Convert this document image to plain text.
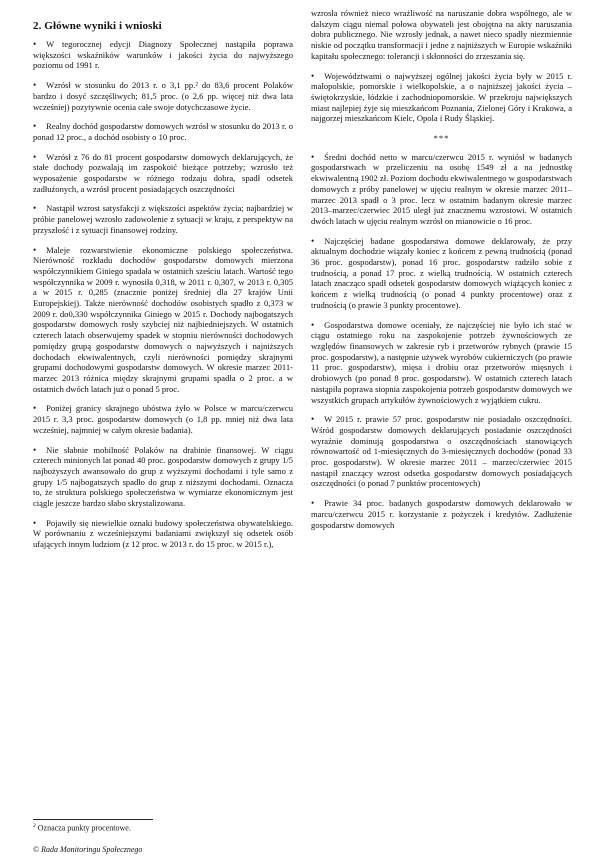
2. Główne wyniki i wnioski
• W tegorocznej edycji Diagnozy Społecznej nastąpiła poprawa większości wskaźników warunków i jakości życia do najwyższego poziomu od 1991 r.
• Wzrósł w stosunku do 2013 r. o 3,1 pp.² do 83,6 procent Polaków bardzo i dosyć szczęśliwych; 81,5 proc. (o 2,6 pp. więcej niż dwa lata wcześniej) pozytywnie ocenia całe swoje dotychczasowe życie.
• Realny dochód gospodarstw domowych wzrósł w stosunku do 2013 r. o ponad 12 proc., a dochód osobisty o 10 proc.
• Wzrósł z 76 do 81 procent gospodarstw domowych deklarujących, że stałe dochody pozwalają im zaspokoić bieżące potrzeby; wzrosło też wyposażenie gospodarstw w różnego rodzaju dobra, spadł odsetek zadłużonych, a wzrósł procent posiadających oszczędności
• Nastąpił wzrost satysfakcji z większości aspektów życia; najbardziej w próbie panelowej wzrosło zadowolenie z sytuacji w kraju, z perspektyw na przyszłość i z sytuacji finansowej rodziny.
• Maleje rozwarstwienie ekonomiczne polskiego społeczeństwa. Nierówność rozkładu dochodów gospodarstw domowych mierzona współczynnikiem Giniego spadała w ostatnich sześciu latach. Wartość tego współczynnika w 2009 r. wynosiła 0,318, w 2011 r. 0,307, w 2013 r. 0,305 a w 2015 r. 0,285 (znacznie poniżej średniej dla 27 krajów Unii Europejskiej). Także nierówność dochodów osobistych spadło z 0,373 w 2009 r. do0,330 współczynnika Giniego w 2015 r. Dochody najbogatszych gospodarstw domowych rosły szybciej niż najbiedniejszych. W ostatnich czterech latach obserwujemy spadek w stopniu nierówności dochodowych pomiędzy grupą gospodarstw domowych o najwyższych i najniższych dochodach ekwiwalentnych, czyli nierówności pomiędzy skrajnymi grupami dochodowymi gospodarstw domowych. W okresie marzec 2011-marzec 2013 różnica między skrajnymi grupami spadła o 2 proc. a w ostatnich dwóch latach już o ponad 5 proc.
• Poniżej granicy skrajnego ubóstwa żyło w Polsce w marcu/czerwcu 2015 r. 3,3 proc. gospodarstw domowych (o 1,8 pp. mniej niż dwa lata wcześniej, najmniej w całym okresie badania).
• Nie słabnie mobilność Polaków na drabinie finansowej. W ciągu czterech minionych lat ponad 40 proc. gospodarstw domowych z grupy 1/5 najbożyszych awansowało do grup z wyższymi dochodami i tyle samo z grupy 1/5 najbogatszych spadło do grup z niższymi dochodami. Oznacza to, że struktura polskiego społeczeństwa w wymiarze ekonomicznym jest ciągle jeszcze bardzo słabo skrystalizowana.
• Pojawiły się niewielkie oznaki budowy społeczeństwa obywatelskiego. W porównaniu z wcześniejszymi badaniami zwiększył się odsetek osób ufających innym ludziom (z 12 proc. w 2013 r. do 15 proc. w 2015 r.),
wzrosła również nieco wrażliwość na naruszanie dobra wspólnego, ale w dalszym ciągu niemal połowa obywateli jest obojętna na akty naruszania dobra publicznego. Nie wzrosły jednak, a nawet nieco spadły niezmiennie niskie od początku transformacji i jedne z najniższych w Europie wskaźniki kapitału społecznego: tolerancji i skłonności do zrzeszania się.
• Województwami o najwyższej ogólnej jakości życia były w 2015 r. małopolskie, pomorskie i wielkopolskie, a o najniższej jakości życia – świętokrzyskie, łódzkie i zachodniopomorskie. W przekroju największych miast najlepiej żyje się mieszkańcom Poznania, Zielonej Góry i Krakowa, a najgorzej mieszkańcom Kielc, Opola i Rudy Śląskiej.
***
• Średni dochód netto w marcu/czerwcu 2015 r. wyniósł w badanych gospodarstwach w przeliczeniu na osobę 1549 zł a na jednostkę ekwiwalentną 1902 zł. Poziom dochodu ekwiwalentnego w gospodarstwach domowych z próby panelowej w ujęciu realnym w okresie marzec 2011–marzec 2013 spadł o 3 proc. lecz w ostatnim badanym okresie marzec 2013–marzec/czerwiec 2015 uległ już znacznemu wzrostowi. W ostatnich dwóch latach w ujęciu realnym wzrósł on mianowicie o 16 proc.
• Najczęściej badane gospodarstwa domowe deklarowały, że przy aktualnym dochodzie wiązały koniec z końcem z pewną trudnością (ponad 36 proc. gospodarstw), ponad 16 proc. gospodarstw radziło sobie z trudnością, a ponad 17 proc. z wielką trudnością. W ostatnich czterech latach znacząco spadł odsetek gospodarstw domowych wiążących koniec z końcem z wielką trudnością (o ponad 4 punkty procentowe) oraz z trudnością (o prawie 3 punkty procentowe).
• Gospodarstwa domowe oceniały, że najczęściej nie było ich stać w ciągu ostatniego roku na zaspokojenie potrzeb żywnościowych ze względów finansowych w zakresie ryb i przetworów rybnych (prawie 15 proc. gospodarstw), a następnie używek wyrobów cukierniczych (po prawie 11 proc. gospodarstw), mięsa i drobiu oraz przetworów mięsnych i drobiowych (po ponad 8 proc. gospodarstw). W ostatnich czterech latach nastąpiła poprawa stopnia zaspokojenia potrzeb gospodarstw domowych we wszystkich grupach artykułów żywnościowych z wyjątkiem cukru.
• W 2015 r. prawie 57 proc. gospodarstw nie posiadało oszczędności. Wśród gospodarstw domowych deklarujących posiadanie oszczędności wyraźnie dominują gospodarstwa o oszczędnościach stanowiących równowartość od 1-miesięcznych do 3-miesięcznych dochodów (ponad 33 proc. gospodarstw). W okresie marzec 2011 – marzec/czerwiec 2015 nastąpił znaczący wzrost odsetka gospodarstw domowych posiadających oszczędności (o ponad 7 punktów procentowych)
• Prawie 34 proc. badanych gospodarstw domowych deklarowało w marcu/czerwcu 2015 r. korzystanie z pożyczek i kredytów. Zadłużenie gospodarstw domowych
$^2$ Oznacza punkty procentowe.
© Rada Monitoringu Społecznego
